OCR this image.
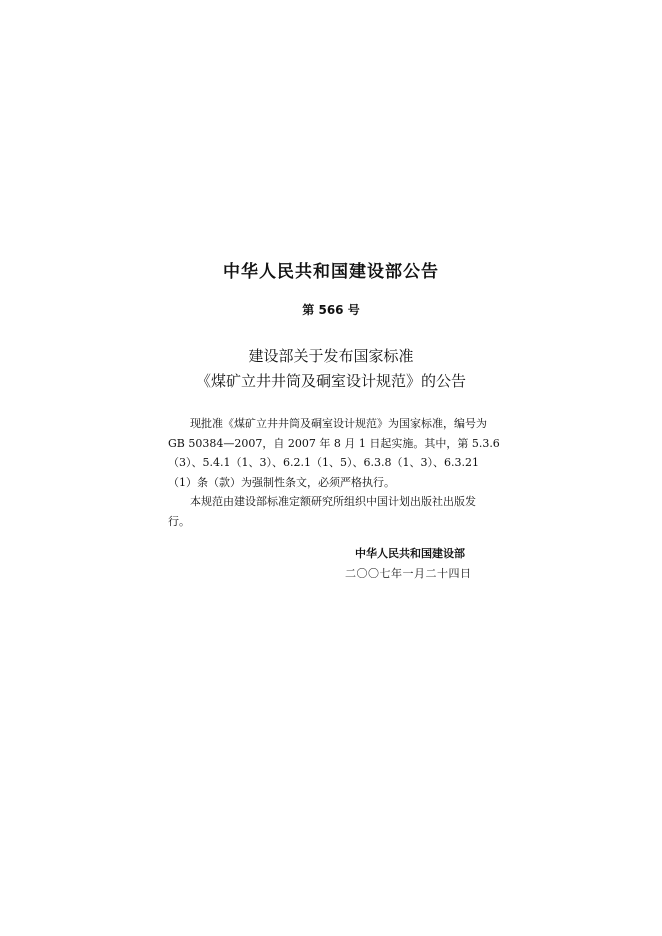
中华人民共和国建设部公告

第 566 号

建设部关于发布国家标准

《煤矿立井井筒及硐室设计规范》的公告

现批准《煤矿立井井筒及硐室设计规范》为国家标准，编号为
GB 50384—2007，自 2007 年 8 月 1 日起实施。其中，第 5.3.6
（3）、5.4.1（1、3）、6.2.1（1、5）、6.3.8（1、3）、6.3.21
（1）条（款）为强制性条文，必须严格执行。
本规范由建设部标准定额研究所组织中国计划出版社出版发
行。

中华人民共和国建设部

二〇〇七年一月二十四日
